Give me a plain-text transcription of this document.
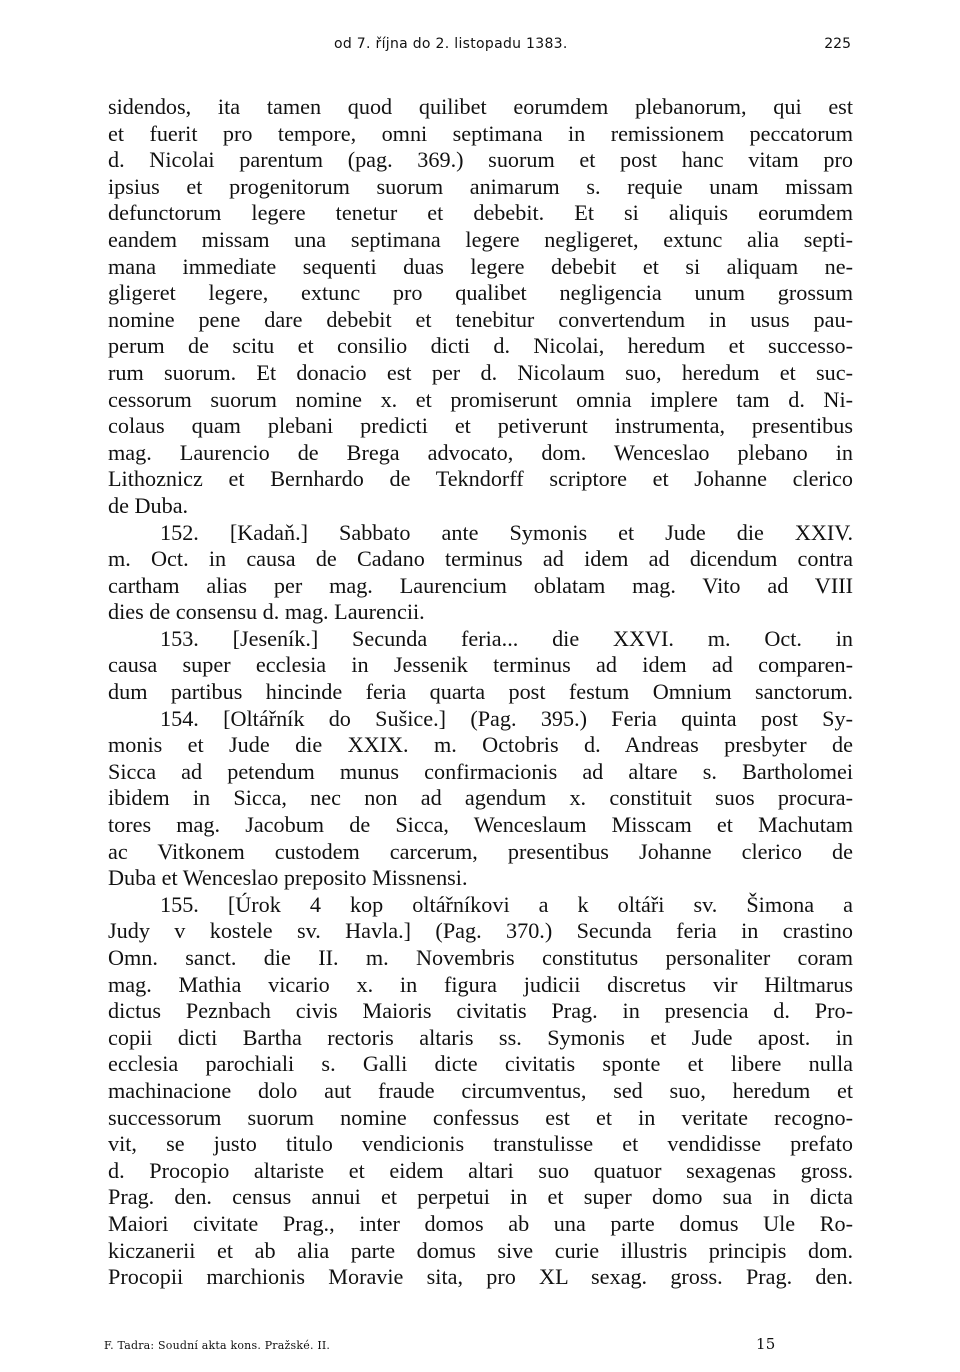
od 7. října do 2. listopadu 1383.	225
sidendos, ita tamen quod quilibet eorumdem plebanorum, qui est
et fuerit pro tempore, omni septimana in remissionem peccatorum
d. Nicolai parentum (pag. 369.) suorum et post hanc vitam pro
ipsius et progenitorum suorum animarum s. requie unam missam
defunctorum legere tenetur et debebit. Et si aliquis eorumdem
eandem missam una septimana legere negligeret, extunc alia septi-
mana immediate sequenti duas legere debebit et si aliquam ne-
gligeret legere, extunc pro qualibet negligencia unum grossum
nomine pene dare debebit et tenebitur convertendum in usus pau-
perum de scitu et consilio dicti d. Nicolai, heredum et successo-
rum suorum. Et donacio est per d. Nicolaum suo, heredum et suc-
cessorum suorum nomine x. et promiserunt omnia implere tam d. Ni-
colaus quam plebani predicti et petiverunt instrumenta, presentibus
mag. Laurencio de Brega advocato, dom. Wenceslao plebano in
Lithoznicz et Bernhardo de Tekndorff scriptore et Johanne clerico
de Duba.
152. [Kadaň.] Sabbato ante Symonis et Jude die XXIV.
m. Oct. in causa de Cadano terminus ad idem ad dicendum contra
cartham alias per mag. Laurencium oblatam mag. Vito ad VIII
dies de consensu d. mag. Laurencii.
153. [Jeseník.] Secunda feria... die XXVI. m. Oct. in
causa super ecclesia in Jessenik terminus ad idem ad comparen-
dum partibus hincinde feria quarta post festum Omnium sanctorum.
154. [Oltářník do Sušice.] (Pag. 395.) Feria quinta post Sy-
monis et Jude die XXIX. m. Octobris d. Andreas presbyter de
Sicca ad petendum munus confirmacionis ad altare s. Bartholomei
ibidem in Sicca, nec non ad agendum x. constituit suos procura-
tores mag. Jacobum de Sicca, Wenceslaum Misscam et Machutam
ac Vitkonem custodem carcerum, presentibus Johanne clerico de
Duba et Wenceslao preposito Missnensi.
155. [Úrok 4 kop oltářníkovi a k oltáři sv. Šimona a
Judy v kostele sv. Havla.] (Pag. 370.) Secunda feria in crastino
Omn. sanct. die II. m. Novembris constitutus personaliter coram
mag. Mathia vicario x. in figura judicii discretus vir Hiltmarus
dictus Peznbach civis Maioris civitatis Prag. in presencia d. Pro-
copii dicti Bartha rectoris altaris ss. Symonis et Jude apost. in
ecclesia parochiali s. Galli dicte civitatis sponte et libere nulla
machinacione dolo aut fraude circumventus, sed suo, heredum et
successorum suorum nomine confessus est et in veritate recogno-
vit, se justo titulo vendicionis transtulisse et vendidisse prefato
d. Procopio altariste et eidem altari suo quatuor sexagenas gross.
Prag. den. census annui et perpetui in et super domo sua in dicta
Maiori civitate Prag., inter domos ab una parte domus Ule Ro-
kiczanerii et ab alia parte domus sive curie illustris principis dom.
Procopii marchionis Moravie sita, pro XL sexag. gross. Prag. den.
F. Tadra: Soudní akta kons. Pražské. II.	15
